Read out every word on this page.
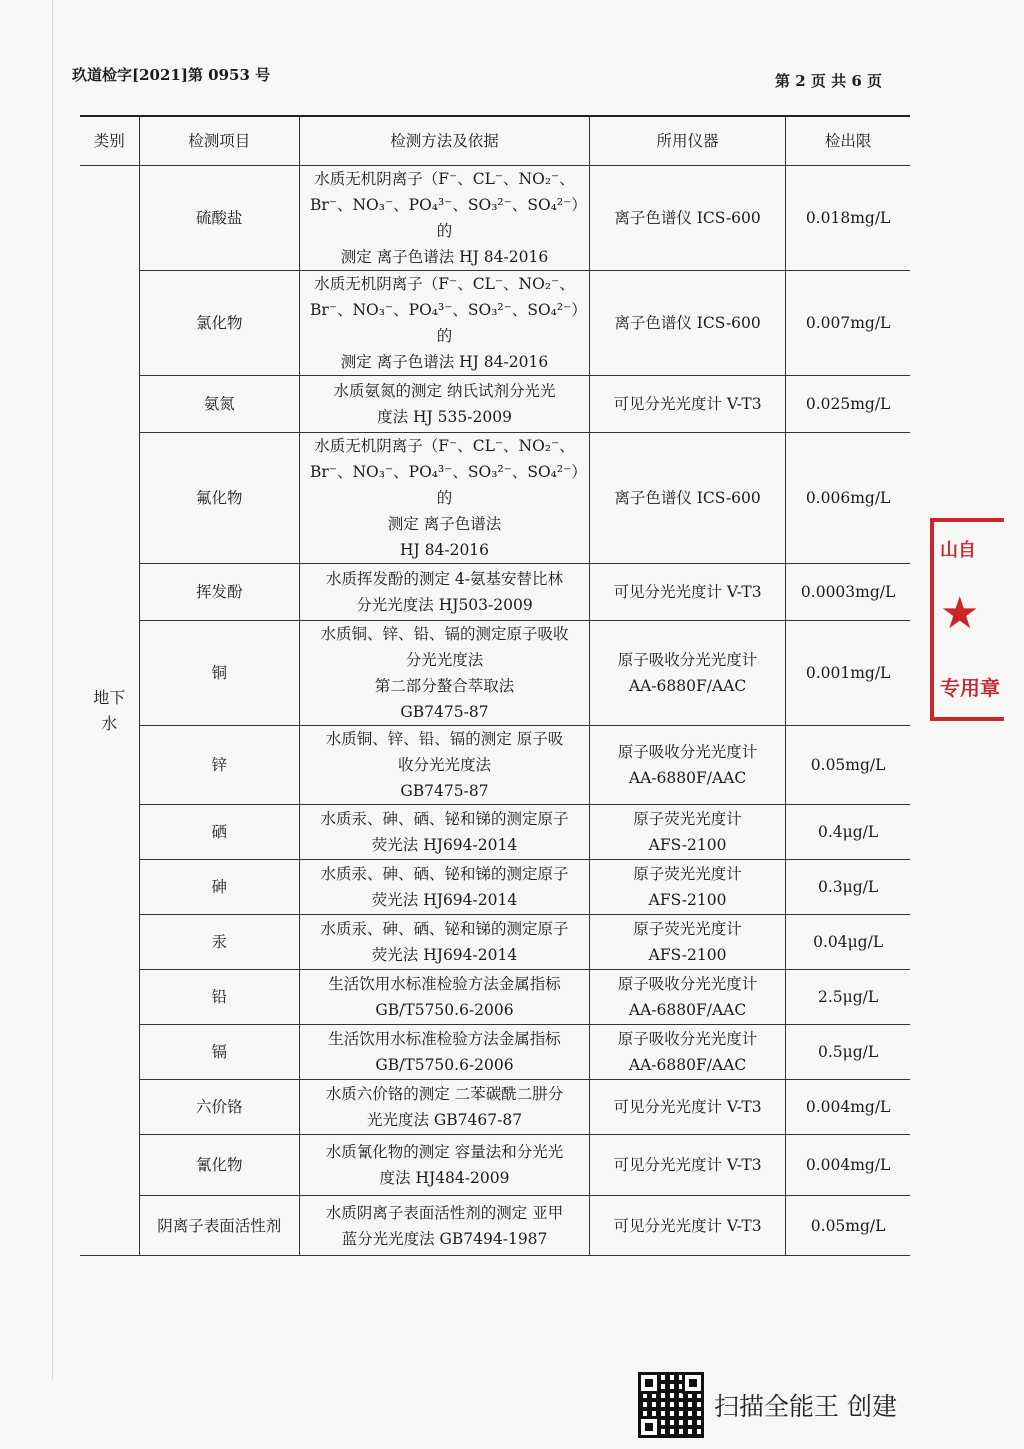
玖道检字[2021]第 0953 号	第 2 页 共 6 页
类别	检测项目	检测方法及依据	所用仪器	检出限
地下
水	硫酸盐	水质无机阴离子（F⁻、CL⁻、NO₂⁻、
Br⁻、NO₃⁻、PO₄³⁻、SO₃²⁻、SO₄²⁻）的
测定 离子色谱法 HJ 84-2016	离子色谱仪 ICS-600	0.018mg/L
	氯化物	水质无机阴离子（F⁻、CL⁻、NO₂⁻、
Br⁻、NO₃⁻、PO₄³⁻、SO₃²⁻、SO₄²⁻）的
测定 离子色谱法 HJ 84-2016	离子色谱仪 ICS-600	0.007mg/L
	氨氮	水质氨氮的测定 纳氏试剂分光光
度法 HJ 535-2009	可见分光光度计 V-T3	0.025mg/L
	氟化物	水质无机阴离子（F⁻、CL⁻、NO₂⁻、
Br⁻、NO₃⁻、PO₄³⁻、SO₃²⁻、SO₄²⁻）的
测定 离子色谱法
HJ 84-2016	离子色谱仪 ICS-600	0.006mg/L
	挥发酚	水质挥发酚的测定 4-氨基安替比林
分光光度法 HJ503-2009	可见分光光度计 V-T3	0.0003mg/L
	铜	水质铜、锌、铅、镉的测定原子吸收
分光光度法
第二部分螯合萃取法
GB7475-87	原子吸收分光光度计
AA-6880F/AAC	0.001mg/L
	锌	水质铜、锌、铅、镉的测定 原子吸
收分光光度法
GB7475-87	原子吸收分光光度计
AA-6880F/AAC	0.05mg/L
	硒	水质汞、砷、硒、铋和锑的测定原子
荧光法 HJ694-2014	原子荧光光度计
AFS-2100	0.4μg/L
	砷	水质汞、砷、硒、铋和锑的测定原子
荧光法 HJ694-2014	原子荧光光度计
AFS-2100	0.3μg/L
	汞	水质汞、砷、硒、铋和锑的测定原子
荧光法 HJ694-2014	原子荧光光度计
AFS-2100	0.04μg/L
	铅	生活饮用水标准检验方法金属指标
GB/T5750.6-2006	原子吸收分光光度计
AA-6880F/AAC	2.5μg/L
	镉	生活饮用水标准检验方法金属指标
GB/T5750.6-2006	原子吸收分光光度计
AA-6880F/AAC	0.5μg/L
	六价铬	水质六价铬的测定 二苯碳酰二肼分
光光度法 GB7467-87	可见分光光度计 V-T3	0.004mg/L
	氰化物	水质氰化物的测定 容量法和分光光
度法 HJ484-2009	可见分光光度计 V-T3	0.004mg/L
	阴离子表面活性剂	水质阴离子表面活性剂的测定 亚甲
蓝分光光度法 GB7494-1987	可见分光光度计 V-T3	0.05mg/L
山自
★
专用章
扫描全能王 创建
